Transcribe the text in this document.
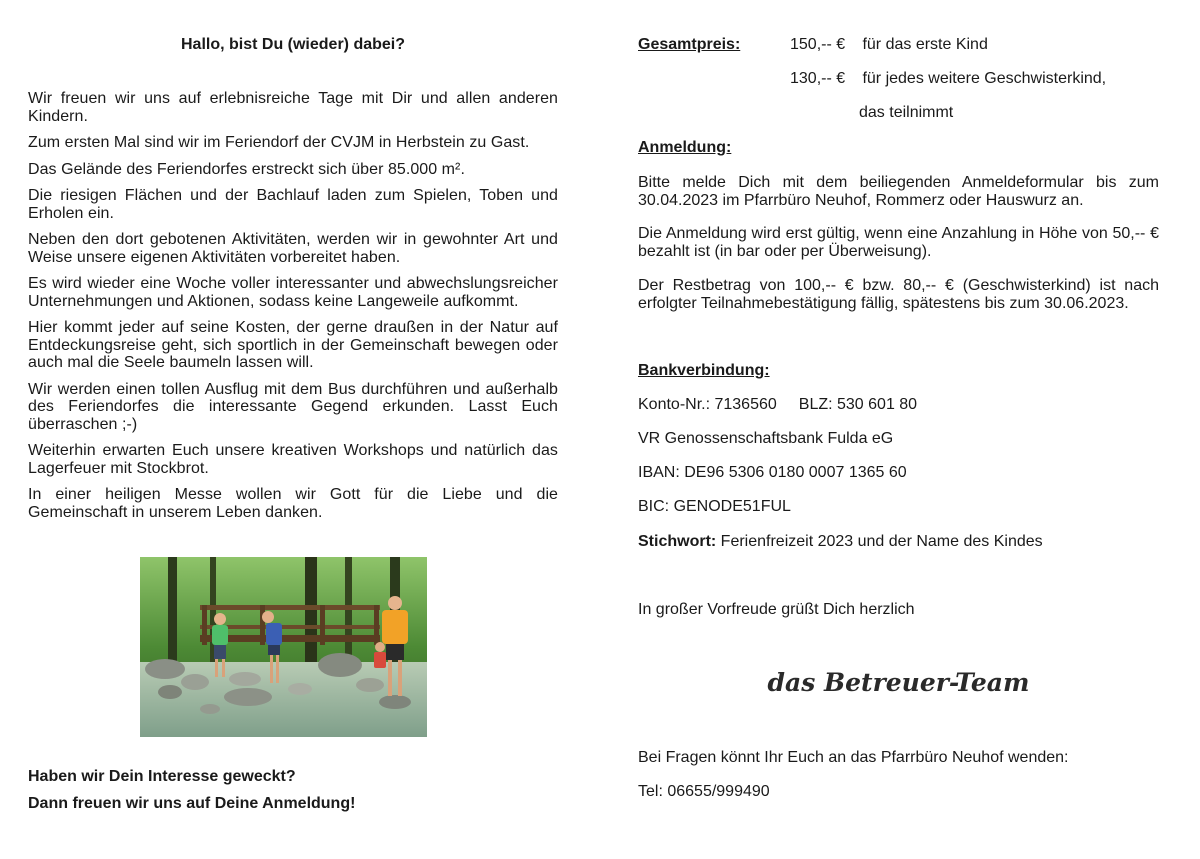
Hallo, bist Du (wieder) dabei?

Wir freuen wir uns auf erlebnisreiche Tage mit Dir und allen anderen Kindern.

Zum ersten Mal sind wir im Feriendorf der CVJM in Herbstein zu Gast.

Das Gelände des Feriendorfes erstreckt sich über 85.000 m².

Die riesigen Flächen und der Bachlauf laden zum Spielen, Toben und Erholen ein.

Neben den dort gebotenen Aktivitäten, werden wir in gewohnter Art und Weise unsere eigenen Aktivitäten vorbereitet haben.

Es wird wieder eine Woche voller interessanter und abwechslungsreicher Unternehmungen und Aktionen, sodass keine Langeweile aufkommt.

Hier kommt jeder auf seine Kosten, der gerne draußen in der Natur auf Entdeckungsreise geht, sich sportlich in der Gemeinschaft bewegen oder auch mal die Seele baumeln lassen will.

Wir werden einen tollen Ausflug mit dem Bus durchführen und außerhalb des Feriendorfes die interessante Gegend erkunden. Lasst Euch überraschen ;-)

Weiterhin erwarten Euch unsere kreativen Workshops und natürlich das Lagerfeuer mit Stockbrot.

In einer heiligen Messe wollen wir Gott für die Liebe und die Gemeinschaft in unserem Leben danken.

Haben wir Dein Interesse geweckt?
Dann freuen wir uns auf Deine Anmeldung!
Gesamtpreis:	150,-- € für das erste Kind
130,-- € für jedes weitere Geschwisterkind,
das teilnimmt
Anmeldung:

Bitte melde Dich mit dem beiliegenden Anmeldeformular bis zum 30.04.2023 im Pfarrbüro Neuhof, Rommerz oder Hauswurz an.

Die Anmeldung wird erst gültig, wenn eine Anzahlung in Höhe von 50,-- € bezahlt ist (in bar oder per Überweisung).

Der Restbetrag von 100,-- € bzw. 80,-- € (Geschwisterkind) ist nach erfolgter Teilnahmebestätigung fällig, spätestens bis zum 30.06.2023.

Bankverbindung:
Konto-Nr.: 7136560 BLZ: 530 601 80
VR Genossenschaftsbank Fulda eG
IBAN: DE96 5306 0180 0007 1365 60
BIC: GENODE51FUL
Stichwort: Ferienfreizeit 2023 und der Name des Kindes
In großer Vorfreude grüßt Dich herzlich
das Betreuer-Team
Bei Fragen könnt Ihr Euch an das Pfarrbüro Neuhof wenden:
Tel: 06655/999490
